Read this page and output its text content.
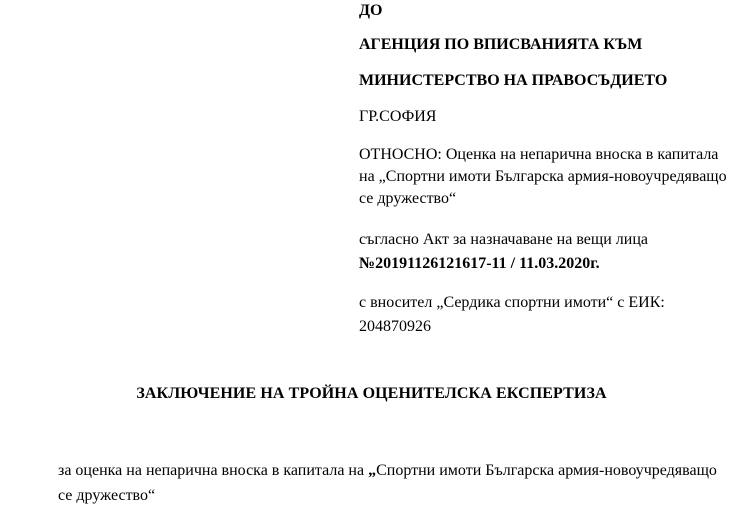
ДО
АГЕНЦИЯ ПО ВПИСВАНИЯТА КЪМ
МИНИСТЕРСТВО НА ПРАВОСЪДИЕТО
ГР.СОФИЯ
ОТНОСНО: Оценка на непарична вноска в капитала на „Спортни имоти Българска армия-новоучредяващо се дружество“
съгласно Акт за назначаване на вещи лица
№20191126121617-11 / 11.03.2020г.
с вносител „Сердика спортни имоти“ с ЕИК:
204870926
ЗАКЛЮЧЕНИЕ НА ТРОЙНА ОЦЕНИТЕЛСКА ЕКСПЕРТИЗА
за оценка на непарична вноска в капитала на „Спортни имоти Българска армия-новоучредяващо се дружество“
